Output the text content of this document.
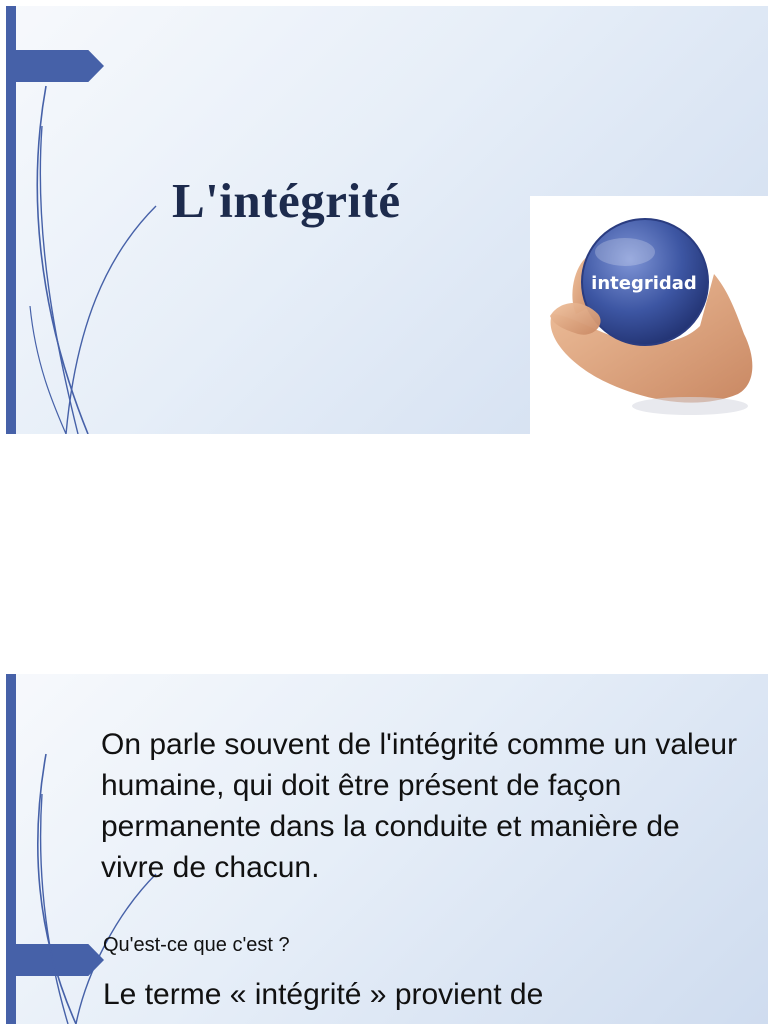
L'intégrité
integridad

On parle souvent de l'intégrité comme un valeur humaine, qui doit être présent de façon permanente dans la conduite et manière de vivre de chacun.

Qu'est-ce que c'est ?

Le terme « intégrité » provient de
